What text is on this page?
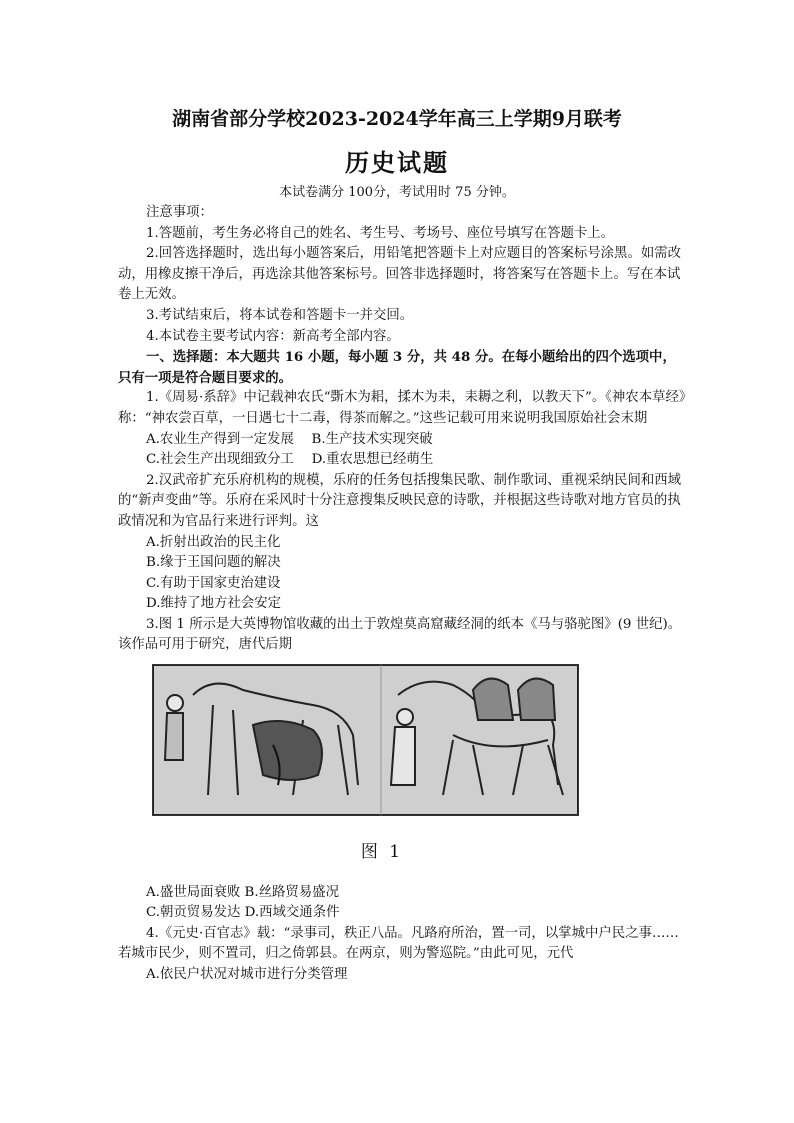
湖南省部分学校2023-2024学年高三上学期9月联考
历史试题
本试卷满分 100分，考试用时 75 分钟。

注意事项：

1.答题前，考生务必将自己的姓名、考生号、考场号、座位号填写在答题卡上。

2.回答选择题时，选出每小题答案后，用铅笔把答题卡上对应题目的答案标号涂黑。如需改动，用橡皮擦干净后，再选涂其他答案标号。回答非选择题时，将答案写在答题卡上。写在本试卷上无效。

3.考试结束后，将本试卷和答题卡一并交回。

4.本试卷主要考试内容：新高考全部内容。

一、选择题：本大题共 16 小题，每小题 3 分，共 48 分。在每小题给出的四个选项中，只有一项是符合题目要求的。

1.《周易·系辞》中记载神农氏“斲木为耜，揉木为耒，耒耨之利，以教天下”。《神农本草经》称：“神农尝百草，一日遇七十二毒，得茶而解之。”这些记载可用来说明我国原始社会末期

A.农业生产得到一定发展　 B.生产技术实现突破

C.社会生产出现细致分工　 D.重农思想已经萌生

2.汉武帝扩充乐府机构的规模，乐府的任务包括搜集民歌、制作歌词、重视采纳民间和西域的“新声变曲”等。乐府在采风时十分注意搜集反映民意的诗歌，并根据这些诗歌对地方官员的执政情况和为官品行来进行评判。这

A.折射出政治的民主化

B.缘于王国问题的解决

C.有助于国家吏治建设

D.维持了地方社会安定

3.图 1 所示是大英博物馆收藏的出土于敦煌莫高窟藏经洞的纸本《马与骆驼图》(9 世纪)。该作品可用于研究，唐代后期

图 1

A.盛世局面衰败 B.丝路贸易盛况

C.朝贡贸易发达 D.西域交通条件

4.《元史·百官志》载：“录事司，秩正八品。凡路府所治，置一司，以掌城中户民之事……若城市民少，则不置司，归之倚郭县。在两京，则为警巡院。”由此可见，元代

A.依民户状况对城市进行分类管理
